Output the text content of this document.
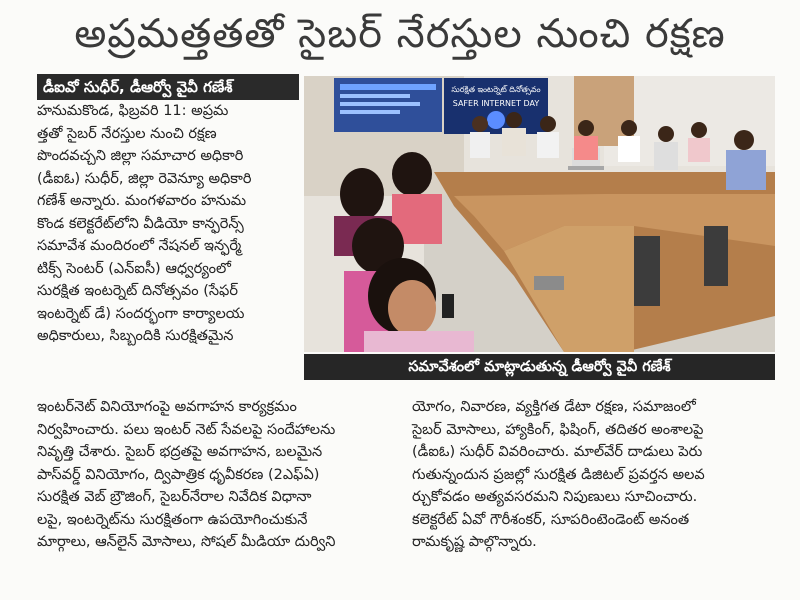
అప్రమత్తతతో సైబర్ నేరస్తుల నుంచి రక్షణ
డీఐవో సుధీర్, డీఆర్వో వైవీ గణేశ్
హనుమకొండ, ఫిబ్రవరి 11: అప్రమ
త్తతో సైబర్ నేరస్తుల నుంచి రక్షణ
పొందవచ్చని జిల్లా సమాచార అధికారి
(డీఐఓ) సుధీర్, జిల్లా రెవెన్యూ అధికారి
గణేశ్ అన్నారు. మంగళవారం హనుమ
కొండ కలెక్టరేట్‌లోని వీడియో కాన్ఫరెన్స్
సమావేశ మందిరంలో నేషనల్ ఇన్ఫర్మే
టిక్స్ సెంటర్ (ఎన్ఐసీ) ఆధ్వర్యంలో
సురక్షిత ఇంటర్నెట్ దినోత్సవం (సేఫర్
ఇంటర్నెట్ డే) సందర్భంగా కార్యాలయ
అధికారులు, సిబ్బందికి సురక్షితమైన
సురక్షిత ఇంటర్నెట్ దినోత్సవం
SAFER INTERNET DAY
సమావేశంలో మాట్లాడుతున్న డీఆర్వో వైవీ గణేశ్
ఇంటర్‌నెట్ వినియోగంపై అవగాహన కార్యక్రమం
నిర్వహించారు. పలు ఇంటర్ నెట్ సేవలపై సందేహాలను
నివృత్తి చేశారు. సైబర్ భద్రతపై అవగాహన, బలమైన
పాస్‌వర్డ్ వినియోగం, ద్విపాత్రిక ధృవీకరణ (2ఎఫ్ఏ)
సురక్షిత వెబ్ బ్రౌజింగ్, సైబర్‌నేరాల నివేదిక విధానా
లపై, ఇంటర్నెట్‌ను సురక్షితంగా ఉపయోగించుకునే
మార్గాలు, ఆన్‌లైన్ మోసాలు, సోషల్ మీడియా దుర్విని
యోగం, నివారణ, వ్యక్తిగత డేటా రక్షణ, సమాజంలో
సైబర్ మోసాలు, హ్యాకింగ్, ఫిషింగ్, తదితర అంశాలపై
(డీఐఓ) సుధీర్ వివరించారు. మాల్‌వేర్ దాడులు పెరు
గుతున్నందున ప్రజల్లో సురక్షిత డిజిటల్ ప్రవర్తన అలవ
ర్చుకోవడం అత్యవసరమని నిపుణులు సూచించారు.
కలెక్టరేట్ ఏవో గౌరీశంకర్, సూపరింటెండెంట్ అనంత
రామకృష్ణ పాల్గొన్నారు.
